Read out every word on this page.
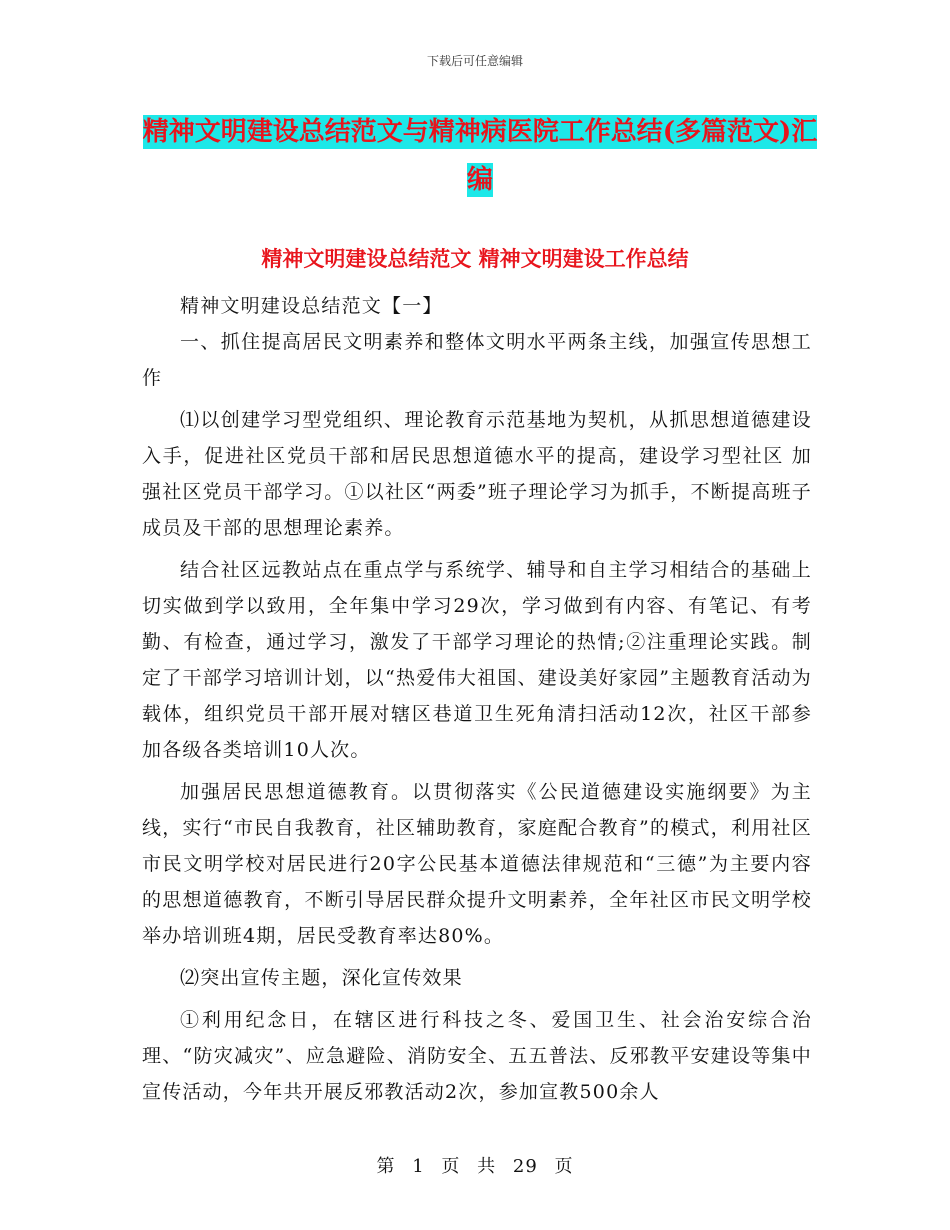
下载后可任意编辑
精神文明建设总结范文与精神病医院工作总结(多篇范文)汇编
精神文明建设总结范文 精神文明建设工作总结

精神文明建设总结范文【一】

一、抓住提高居民文明素养和整体文明水平两条主线，加强宣传思想工作

⑴以创建学习型党组织、理论教育示范基地为契机，从抓思想道德建设入手，促进社区党员干部和居民思想道德水平的提高，建设学习型社区 加强社区党员干部学习。①以社区“两委”班子理论学习为抓手，不断提高班子成员及干部的思想理论素养。

结合社区远教站点在重点学与系统学、辅导和自主学习相结合的基础上切实做到学以致用，全年集中学习29次，学习做到有内容、有笔记、有考勤、有检查，通过学习，激发了干部学习理论的热情;②注重理论实践。制定了干部学习培训计划，以“热爱伟大祖国、建设美好家园”主题教育活动为载体，组织党员干部开展对辖区巷道卫生死角清扫活动12次，社区干部参加各级各类培训10人次。

加强居民思想道德教育。以贯彻落实《公民道德建设实施纲要》为主线，实行“市民自我教育，社区辅助教育，家庭配合教育”的模式，利用社区市民文明学校对居民进行20字公民基本道德法律规范和“三德”为主要内容的思想道德教育，不断引导居民群众提升文明素养，全年社区市民文明学校举办培训班4期，居民受教育率达80%。

⑵突出宣传主题，深化宣传效果

①利用纪念日，在辖区进行科技之冬、爱国卫生、社会治安综合治理、“防灾减灾”、应急避险、消防安全、五五普法、反邪教平安建设等集中宣传活动，今年共开展反邪教活动2次，参加宣教500余人

第 1 页 共 29 页
